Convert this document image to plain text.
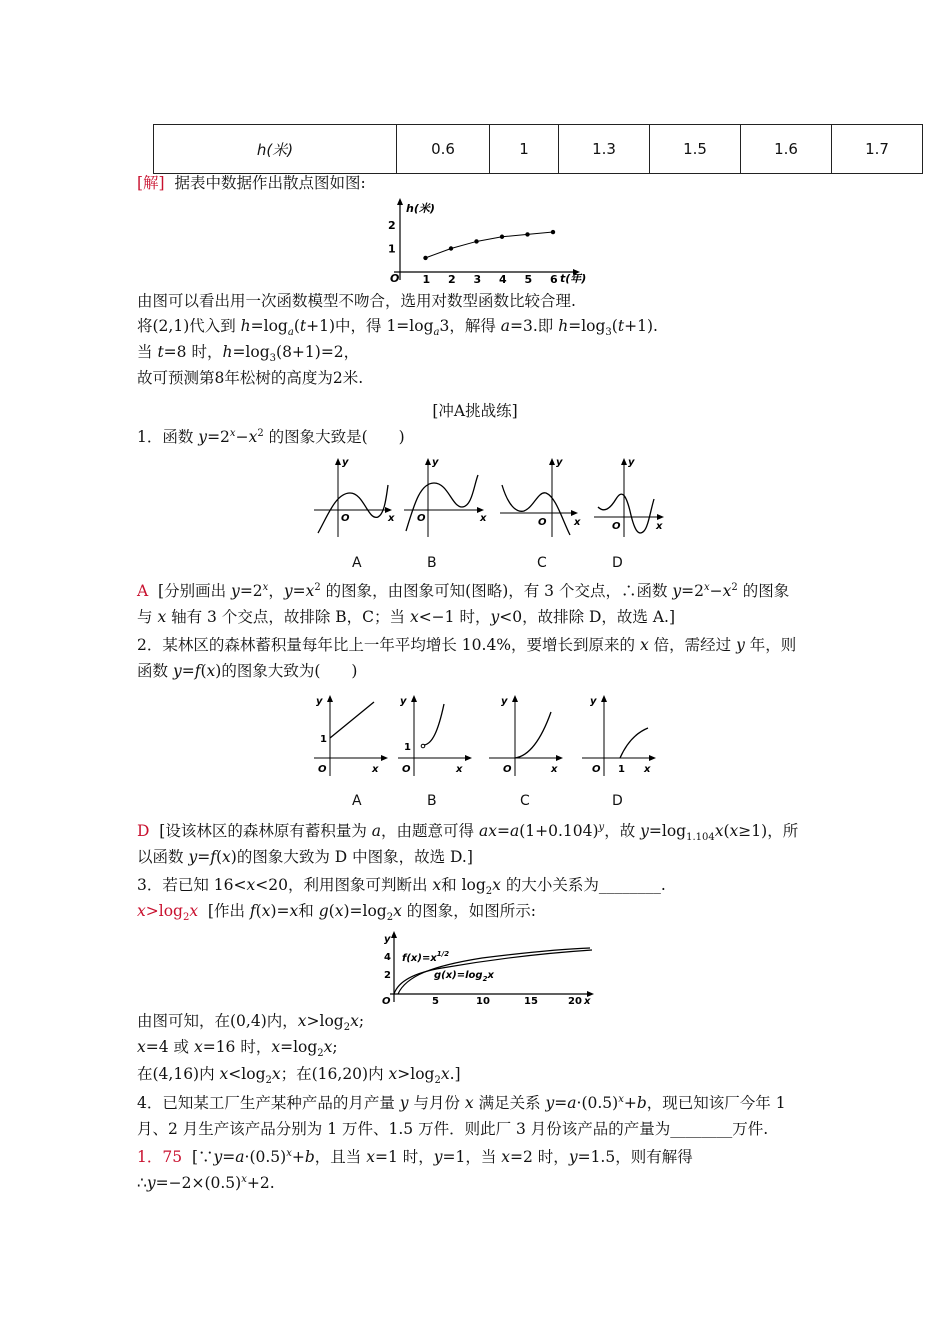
h(米)	0.6	1	1.3	1.5	1.6	1.7
[解] 据表中数据作出散点图如图:
O
h(米)
t(年)
1 2 3 4 5 6
1
2
由图可以看出用一次函数模型不吻合，选用对数型函数比较合理.
将(2,1)代入到 $h=\log_a(t+1)$中，得 $1=\log_a3$，解得 a=3.即 $h=\log_3(t+1)$.
当 t=8 时，$h=\log_3(8+1)=2$，
故可预测第8年松树的高度为2米.
[冲A挑战练]
1．函数 $y=2^x-x^2$ 的图象大致是(　　)
y
O	x
y
O	x
y
O	x
y
O	x
A	B	C	D
A  [分别画出 $y=2^x$，$y=x^2$ 的图象，由图象可知(图略)，有 3 个交点，∴函数 $y=2^x-x^2$ 的图象
与 x 轴有 3 个交点，故排除 B，C；当 x<−1 时，y<0，故排除 D，故选 A.]
2．某林区的森林蓄积量每年比上一年平均增长 10.4%，要增长到原来的 x 倍，需经过 y 年，则
函数 y=f(x)的图象大致为(　　)
y
1
O	x
y
1
O	x
y
O	x
y
O 1 x
A	B	C	D
D  [设该林区的森林原有蓄积量为 a，由题意可得 $ax=a(1+0.104)^y$，故 $y=\log_{1.104}x(x\ge 1)$，所
以函数 y=f(x)的图象大致为 D 中图象，故选 D.]
3．若已知 16<x<20，利用图象可判断出 x和 $\log_2x$ 的大小关系为________.
$x>\log_2x$  [作出 f(x)=x和 $g(x)=\log_2x$ 的图象，如图所示:
y
4
2
O	5	10	15	20 x
$f(x)=x^{1/2}$
$g(x)=\log_2x$
由图可知，在(0,4)内，$x>\log_2x$;
x=4 或 x=16 时，$x=\log_2x$;
在(4,16)内 $x<\log_2x$；在(16,20)内 $x>\log_2x$.]
4．已知某工厂生产某种产品的月产量 y 与月份 x 满足关系 $y=a\cdot(0.5)^x+b$，现已知该厂今年 1
月、2 月生产该产品分别为 1 万件、1.5 万件．则此厂 3 月份该产品的产量为________万件.
1．75  [$\because y=a\cdot(0.5)^x+b$，且当 x=1 时，y=1，当 x=2 时，y=1.5，则有解得
$\therefore y=-2\times(0.5)^x+2$.
